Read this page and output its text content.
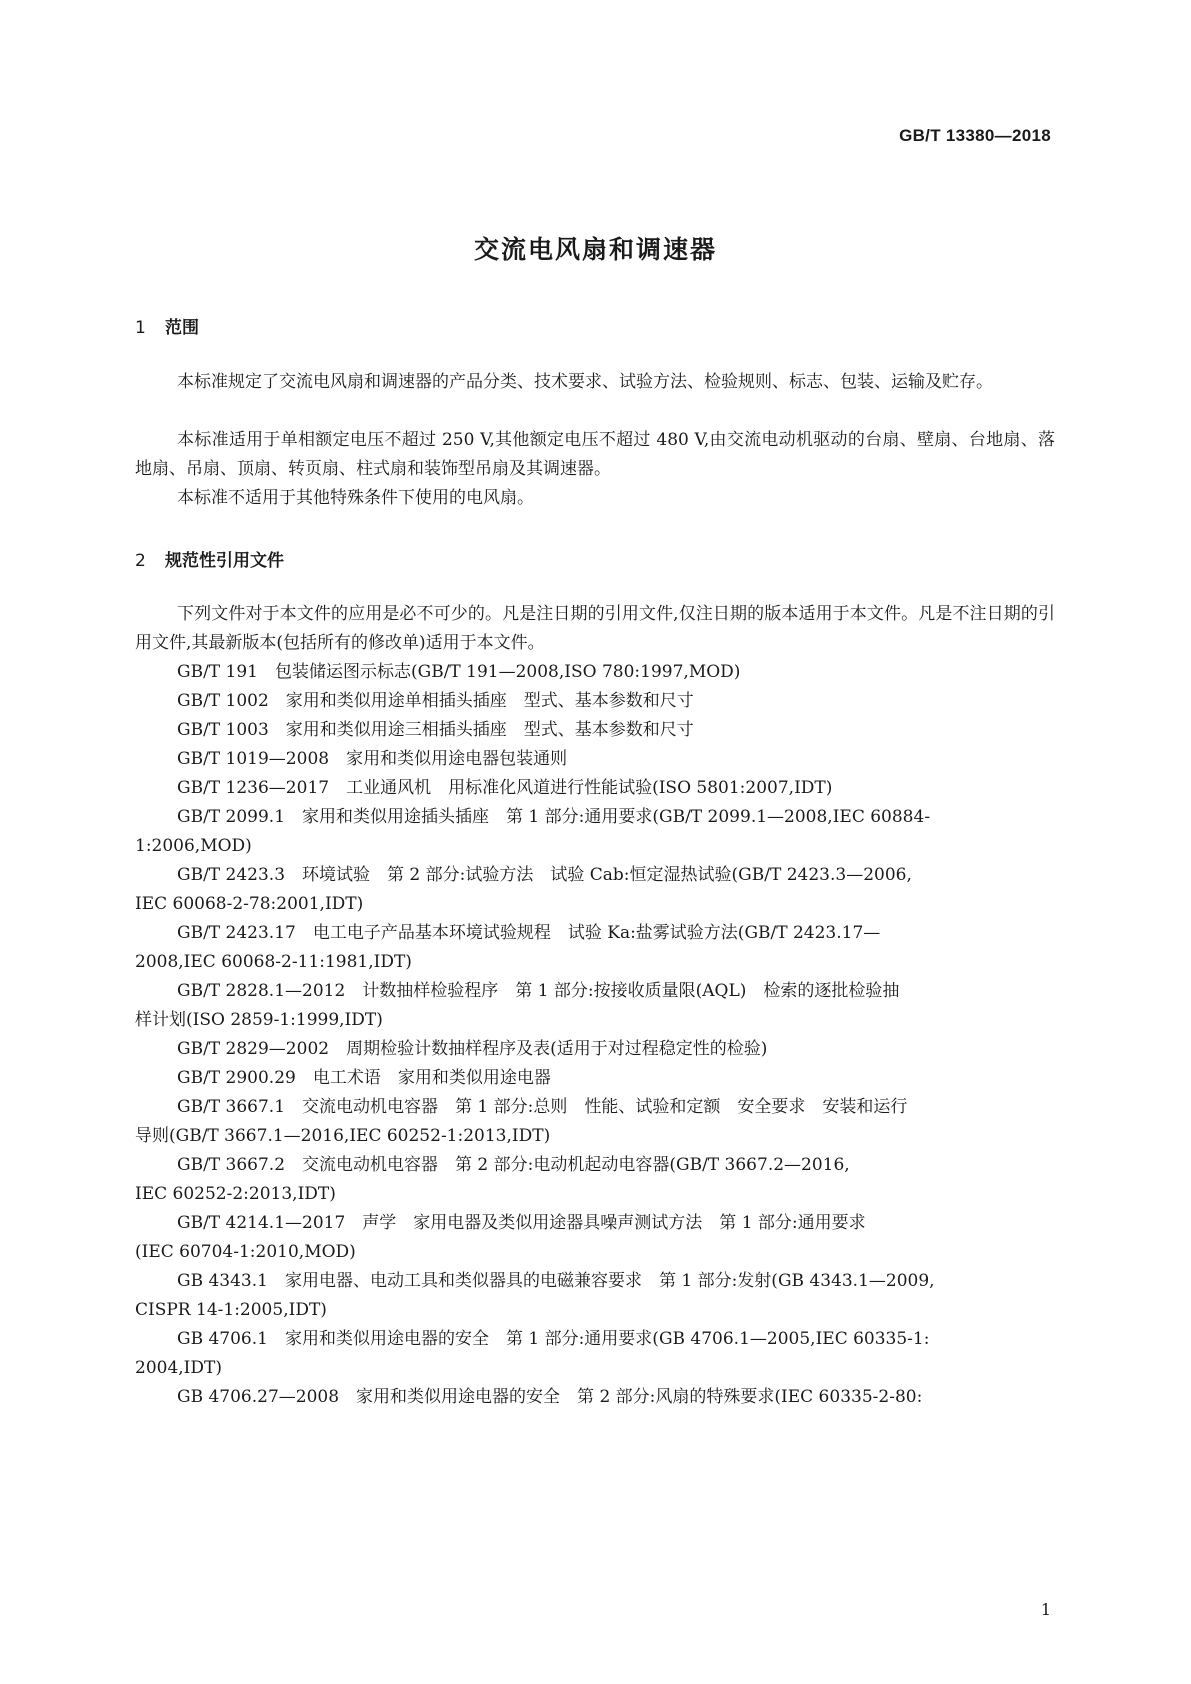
GB/T 13380—2018
交流电风扇和调速器
1 范围
本标准规定了交流电风扇和调速器的产品分类、技术要求、试验方法、检验规则、标志、包装、运输及贮存。
本标准适用于单相额定电压不超过 250 V,其他额定电压不超过 480 V,由交流电动机驱动的台扇、壁扇、台地扇、落地扇、吊扇、顶扇、转页扇、柱式扇和装饰型吊扇及其调速器。
本标准不适用于其他特殊条件下使用的电风扇。
2 规范性引用文件
下列文件对于本文件的应用是必不可少的。凡是注日期的引用文件,仅注日期的版本适用于本文件。凡是不注日期的引用文件,其最新版本(包括所有的修改单)适用于本文件。
GB/T 191　包装储运图示标志(GB/T 191—2008,ISO 780:1997,MOD)
GB/T 1002　家用和类似用途单相插头插座　型式、基本参数和尺寸
GB/T 1003　家用和类似用途三相插头插座　型式、基本参数和尺寸
GB/T 1019—2008　家用和类似用途电器包装通则
GB/T 1236—2017　工业通风机　用标准化风道进行性能试验(ISO 5801:2007,IDT)
GB/T 2099.1　家用和类似用途插头插座　第 1 部分:通用要求(GB/T 2099.1—2008,IEC 60884-
1:2006,MOD)
GB/T 2423.3　环境试验　第 2 部分:试验方法　试验 Cab:恒定湿热试验(GB/T 2423.3—2006,
IEC 60068-2-78:2001,IDT)
GB/T 2423.17　电工电子产品基本环境试验规程　试验 Ka:盐雾试验方法(GB/T 2423.17—
2008,IEC 60068-2-11:1981,IDT)
GB/T 2828.1—2012　计数抽样检验程序　第 1 部分:按接收质量限(AQL)　检索的逐批检验抽
样计划(ISO 2859-1:1999,IDT)
GB/T 2829—2002　周期检验计数抽样程序及表(适用于对过程稳定性的检验)
GB/T 2900.29　电工术语　家用和类似用途电器
GB/T 3667.1　交流电动机电容器　第 1 部分:总则　性能、试验和定额　安全要求　安装和运行
导则(GB/T 3667.1—2016,IEC 60252-1:2013,IDT)
GB/T 3667.2　交流电动机电容器　第 2 部分:电动机起动电容器(GB/T 3667.2—2016,
IEC 60252-2:2013,IDT)
GB/T 4214.1—2017　声学　家用电器及类似用途器具噪声测试方法　第 1 部分:通用要求
(IEC 60704-1:2010,MOD)
GB 4343.1　家用电器、电动工具和类似器具的电磁兼容要求　第 1 部分:发射(GB 4343.1—2009,
CISPR 14-1:2005,IDT)
GB 4706.1　家用和类似用途电器的安全　第 1 部分:通用要求(GB 4706.1—2005,IEC 60335-1:
2004,IDT)
GB 4706.27—2008　家用和类似用途电器的安全　第 2 部分:风扇的特殊要求(IEC 60335-2-80:
1
